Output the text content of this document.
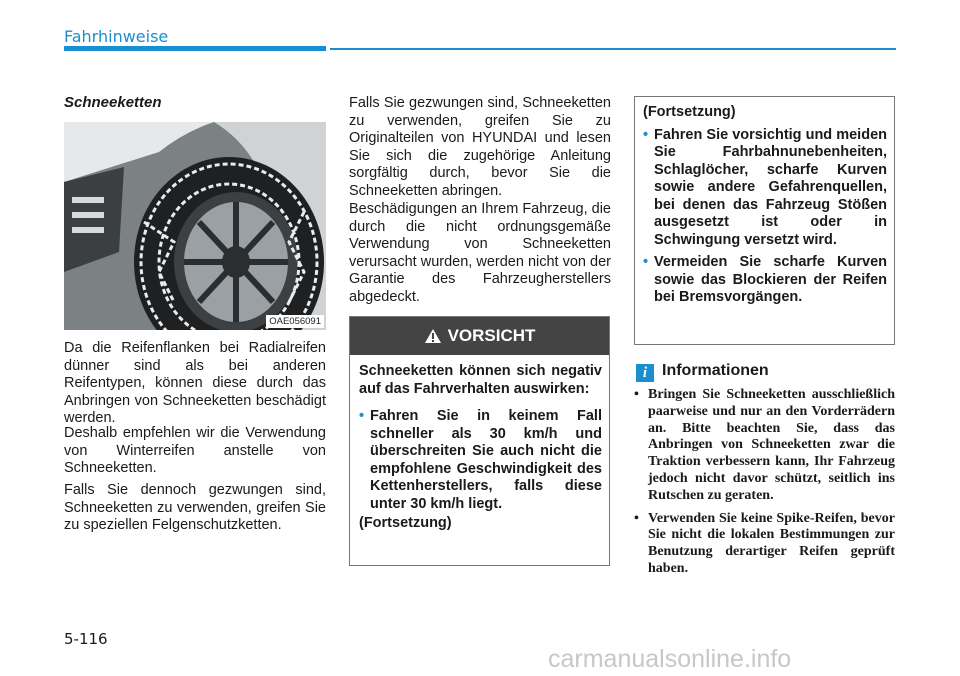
Fahrhinweise
Schneeketten
OAE056091

Da die Reifenflanken bei Radialreifen dünner sind als bei anderen Reifentypen, können diese durch das Anbringen von Schneeketten beschädigt werden.

Deshalb empfehlen wir die Verwendung von Winterreifen anstelle von Schneeketten.

Falls Sie dennoch gezwungen sind, Schneeketten zu verwenden, greifen Sie zu speziellen Felgenschutzketten.

Falls Sie gezwungen sind, Schneeketten zu verwenden, greifen Sie zu Originalteilen von HYUNDAI und lesen Sie sich die zugehörige Anleitung sorgfältig durch, bevor Sie die Schneeketten abringen.

Beschädigungen an Ihrem Fahrzeug, die durch die nicht ordnungsgemäße Verwendung von Schneeketten verursacht wurden, werden nicht von der Garantie des Fahrzeugherstellers abgedeckt.

VORSICHT

Schneeketten können sich negativ auf das Fahrverhalten auswirken:

• Fahren Sie in keinem Fall schneller als 30 km/h und überschreiten Sie auch nicht die empfohlene Geschwindigkeit des Kettenherstellers, falls diese unter 30 km/h liegt.

(Fortsetzung)

(Fortsetzung)

• Fahren Sie vorsichtig und meiden Sie Fahrbahnunebenheiten, Schlaglöcher, scharfe Kurven sowie andere Gefahrenquellen, bei denen das Fahrzeug Stößen ausgesetzt ist oder in Schwingung versetzt wird.
• Vermeiden Sie scharfe Kurven sowie das Blockieren der Reifen bei Bremsvorgängen.
i Informationen
• Bringen Sie Schneeketten ausschließlich paarweise und nur an den Vorderrädern an. Bitte beachten Sie, dass das Anbringen von Schneeketten zwar die Traktion verbessern kann, Ihr Fahrzeug jedoch nicht davor schützt, seitlich ins Rutschen zu geraten.
• Verwenden Sie keine Spike-Reifen, bevor Sie nicht die lokalen Bestimmungen zur Benutzung derartiger Reifen geprüft haben.
5-116
carmanualsonline.info
